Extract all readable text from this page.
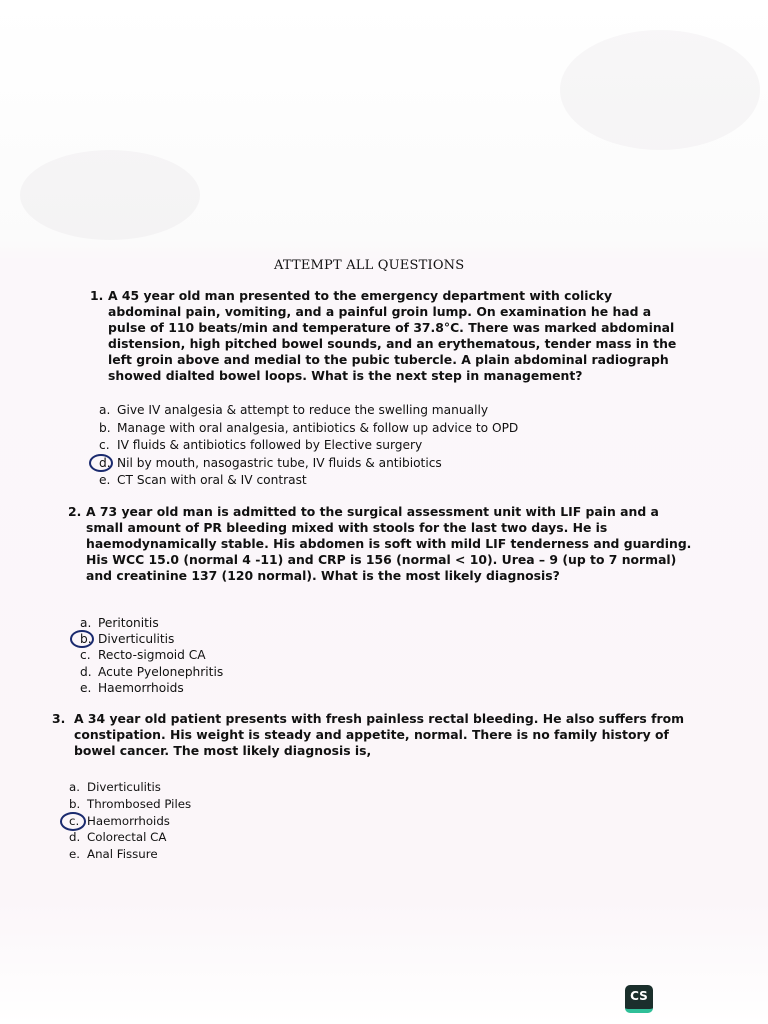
ATTEMPT ALL QUESTIONS
1. A 45 year old man presented to the emergency department with colicky abdominal pain, vomiting, and a painful groin lump. On examination he had a pulse of 110 beats/min and temperature of 37.8°C. There was marked abdominal distension, high pitched bowel sounds, and an erythematous, tender mass in the left groin above and medial to the pubic tubercle. A plain abdominal radiograph showed dialted bowel loops. What is the next step in management?
a. Give IV analgesia & attempt to reduce the swelling manually
b. Manage with oral analgesia, antibiotics & follow up advice to OPD
c. IV fluids & antibiotics followed by Elective surgery
d. Nil by mouth, nasogastric tube, IV fluids & antibiotics
e. CT Scan with oral & IV contrast
2. A 73 year old man is admitted to the surgical assessment unit with LIF pain and a small amount of PR bleeding mixed with stools for the last two days. He is haemodynamically stable. His abdomen is soft with mild LIF tenderness and guarding. His WCC 15.0 (normal 4 -11) and CRP is 156 (normal < 10). Urea – 9 (up to 7 normal) and creatinine 137 (120 normal). What is the most likely diagnosis?
a. Peritonitis
b. Diverticulitis
c. Recto-sigmoid CA
d. Acute Pyelonephritis
e. Haemorrhoids
3. A 34 year old patient presents with fresh painless rectal bleeding. He also suffers from constipation. His weight is steady and appetite, normal. There is no family history of bowel cancer. The most likely diagnosis is,
a. Diverticulitis
b. Thrombosed Piles
c. Haemorrhoids
d. Colorectal CA
e. Anal Fissure
CS
